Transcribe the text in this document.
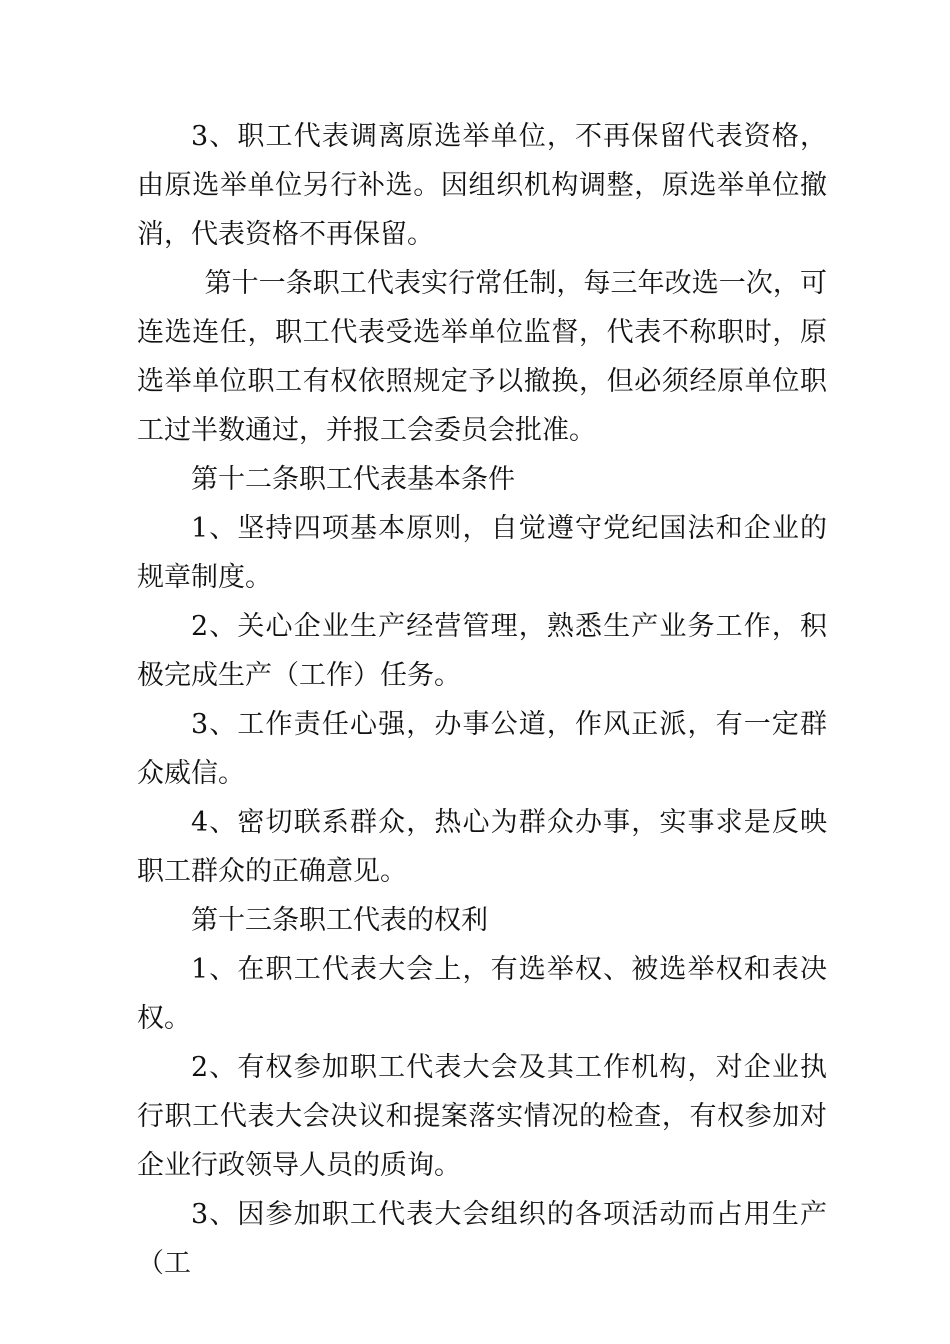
3、职工代表调离原选举单位，不再保留代表资格，由原选举单位另行补选。因组织机构调整，原选举单位撤消，代表资格不再保留。

第十一条职工代表实行常任制，每三年改选一次，可连选连任，职工代表受选举单位监督，代表不称职时，原选举单位职工有权依照规定予以撤换，但必须经原单位职工过半数通过，并报工会委员会批准。

第十二条职工代表基本条件

1、坚持四项基本原则，自觉遵守党纪国法和企业的规章制度。

2、关心企业生产经营管理，熟悉生产业务工作，积极完成生产（工作）任务。

3、工作责任心强，办事公道，作风正派，有一定群众威信。

4、密切联系群众，热心为群众办事，实事求是反映职工群众的正确意见。

第十三条职工代表的权利

1、在职工代表大会上，有选举权、被选举权和表决权。

2、有权参加职工代表大会及其工作机构，对企业执行职工代表大会决议和提案落实情况的检查，有权参加对企业行政领导人员的质询。

3、因参加职工代表大会组织的各项活动而占用生产（工
